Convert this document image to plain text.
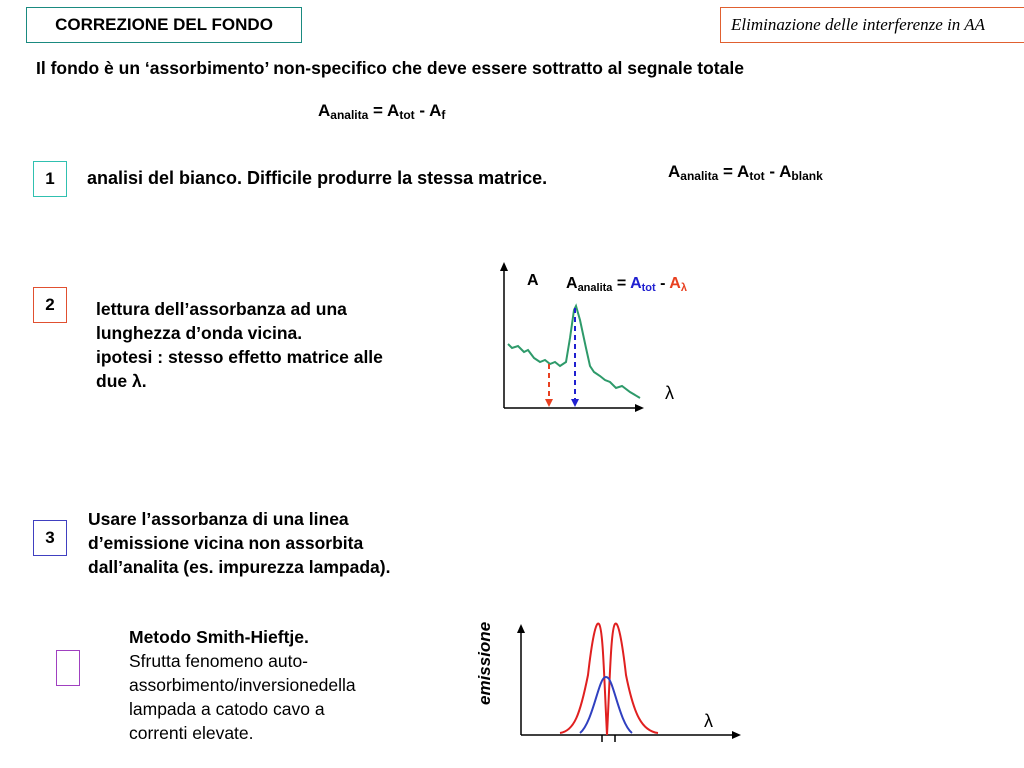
CORREZIONE DEL FONDO	Eliminazione delle interferenze in AA
Il fondo è un ‘assorbimento’ non-specifico che deve essere sottratto al segnale totale
$A_{analita} = A_{tot} - A_f$
$A_{analita} = A_{tot} - A_{blank}$
1	analisi del bianco. Difficile produrre la stessa matrice.
2	lettura dell’assorbanza ad una
lunghezza d’onda vicina.
ipotesi : stesso effetto matrice alle
due λ.
A
λ
Aanalita = Atot - Aλ
3
Usare l’assorbanza di una linea
d’emissione vicina non assorbita
dall’analita (es. impurezza lampada).
Metodo Smith-Hieftje.
Sfrutta fenomeno auto-
assorbimento/inversionedella
lampada a catodo cavo a
correnti elevate.
emissione
λ
